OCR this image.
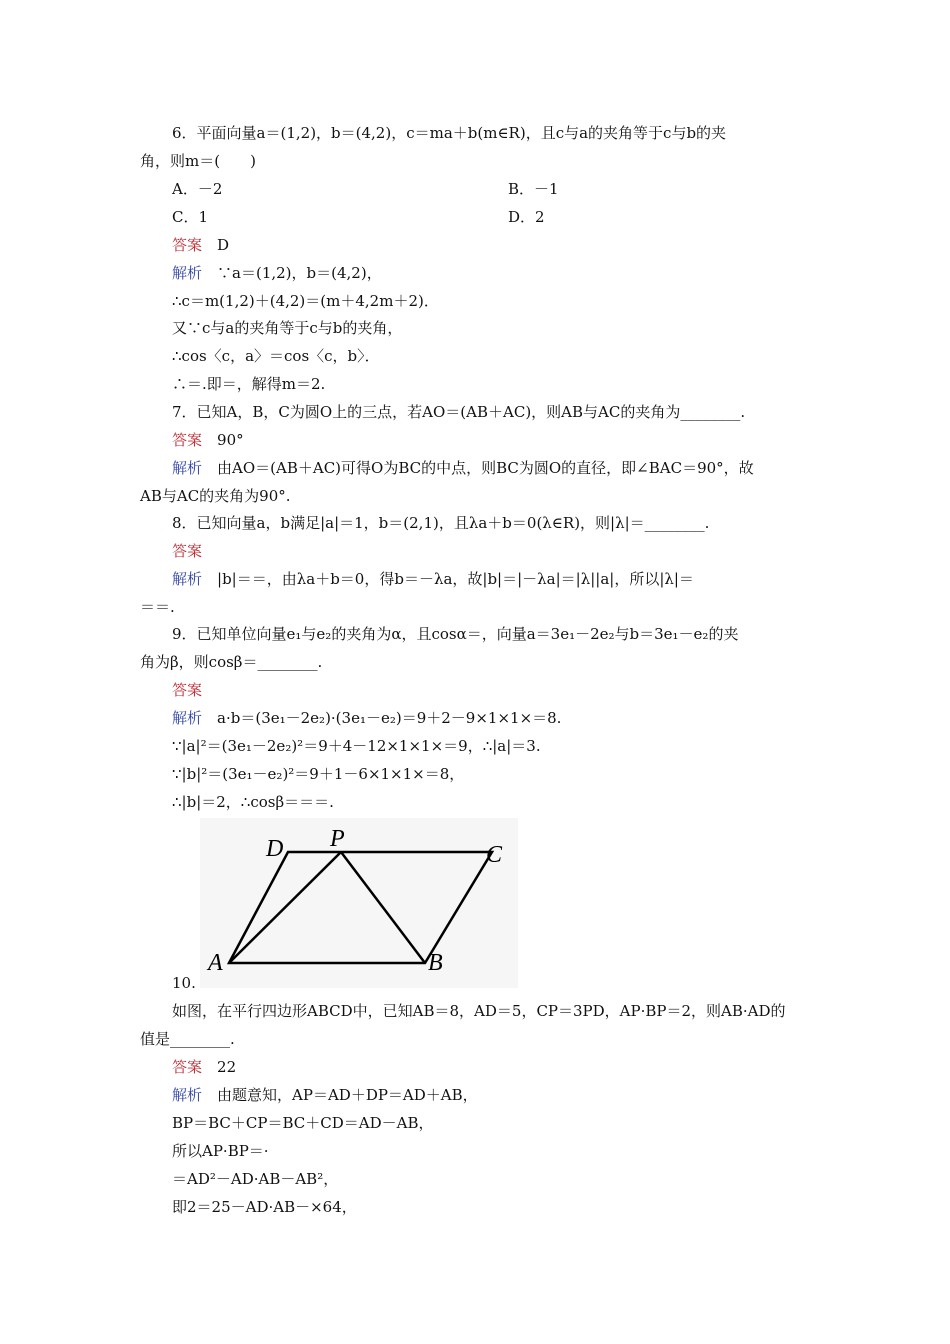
6．平面向量a＝(1,2)，b＝(4,2)，c＝ma＋b(m∈R)，且c与a的夹角等于c与b的夹
角，则m＝(　　)
A．－2	B．－1
C．1	D．2
答案　 D
解析　 ∵a＝(1,2)，b＝(4,2)，
∴c＝m(1,2)＋(4,2)＝(m＋4,2m＋2)．
又∵c与a的夹角等于c与b的夹角，
∴cos〈c，a〉＝cos〈c，b〉．
∴＝.即＝，解得m＝2.
7．已知A，B，C为圆O上的三点，若AO＝(AB＋AC)，则AB与AC的夹角为________.
答案　 90°
解析　 由AO＝(AB＋AC)可得O为BC的中点，则BC为圆O的直径，即∠BAC＝90°，故
AB与AC的夹角为90°.
8．已知向量a，b满足|a|＝1，b＝(2,1)，且λa＋b＝0(λ∈R)，则|λ|＝________.
答案
解析　 |b|＝＝，由λa＋b＝0，得b＝－λa，故|b|＝|－λa|＝|λ||a|，所以|λ|＝
＝＝.
9．已知单位向量e₁与e₂的夹角为α，且cosα＝，向量a＝3e₁－2e₂与b＝3e₁－e₂的夹
角为β，则cosβ＝________.
答案
解析　 a·b＝(3e₁－2e₂)·(3e₁－e₂)＝9＋2－9×1×1×＝8.
∵|a|²＝(3e₁－2e₂)²＝9＋4－12×1×1×＝9，∴|a|＝3.
∵|b|²＝(3e₁－e₂)²＝9＋1－6×1×1×＝8，
∴|b|＝2，∴cosβ＝＝＝.
A	B
C
D P
10.
如图，在平行四边形ABCD中，已知AB＝8，AD＝5，CP＝3PD，AP·BP＝2，则AB·AD的
值是________.
答案　 22
解析　 由题意知，AP＝AD＋DP＝AD＋AB，
BP＝BC＋CP＝BC＋CD＝AD－AB，
所以AP·BP＝·
＝AD²－AD·AB－AB²，
即2＝25－AD·AB－×64，
